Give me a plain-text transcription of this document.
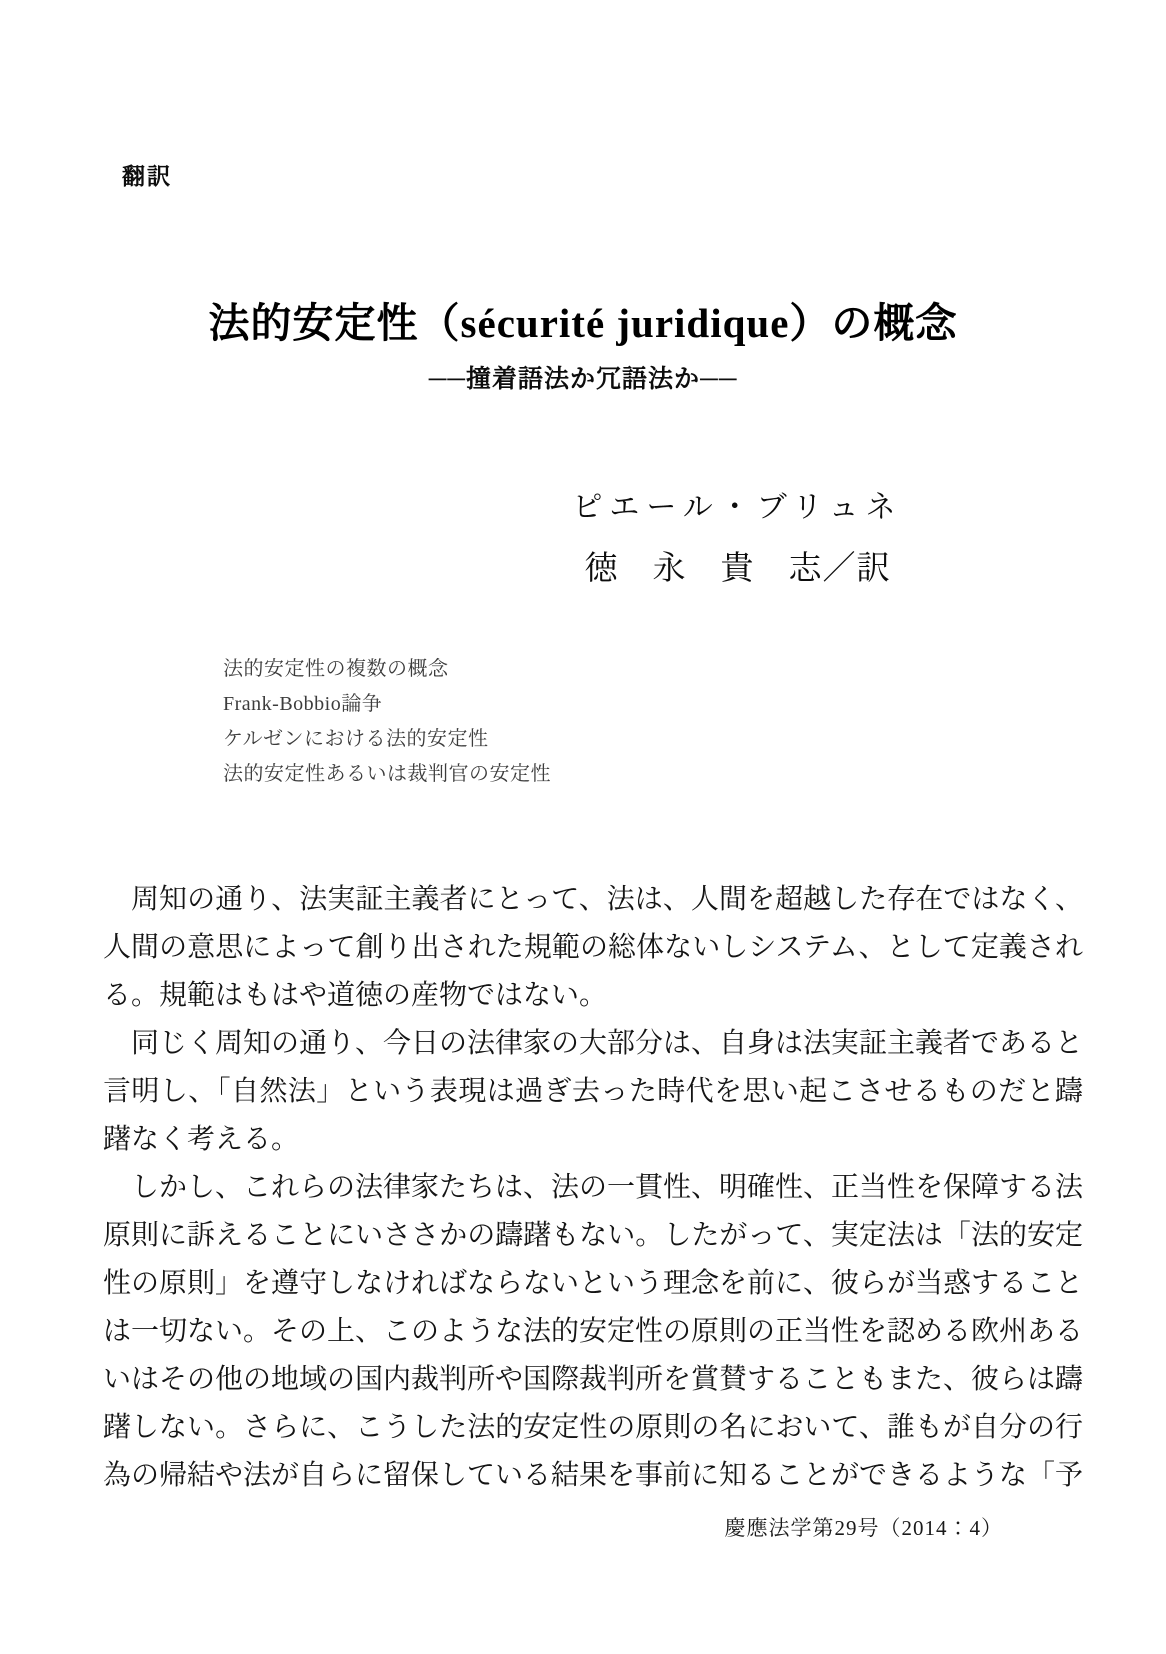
翻訳
法的安定性（sécurité juridique）の概念
──撞着語法か冗語法か──
ピエール・ブリュネ
徳　永　貴　志／訳
法的安定性の複数の概念
Frank-Bobbio論争
ケルゼンにおける法的安定性
法的安定性あるいは裁判官の安定性

周知の通り、法実証主義者にとって、法は、人間を超越した存在ではなく、人間の意思によって創り出された規範の総体ないしシステム、として定義される。規範はもはや道徳の産物ではない。

同じく周知の通り、今日の法律家の大部分は、自身は法実証主義者であると言明し、「自然法」という表現は過ぎ去った時代を思い起こさせるものだと躊躇なく考える。

しかし、これらの法律家たちは、法の一貫性、明確性、正当性を保障する法原則に訴えることにいささかの躊躇もない。したがって、実定法は「法的安定性の原則」を遵守しなければならないという理念を前に、彼らが当惑することは一切ない。その上、このような法的安定性の原則の正当性を認める欧州あるいはその他の地域の国内裁判所や国際裁判所を賞賛することもまた、彼らは躊躇しない。さらに、こうした法的安定性の原則の名において、誰もが自分の行為の帰結や法が自らに留保している結果を事前に知ることができるような「予

慶應法学第29号（2014：4）
